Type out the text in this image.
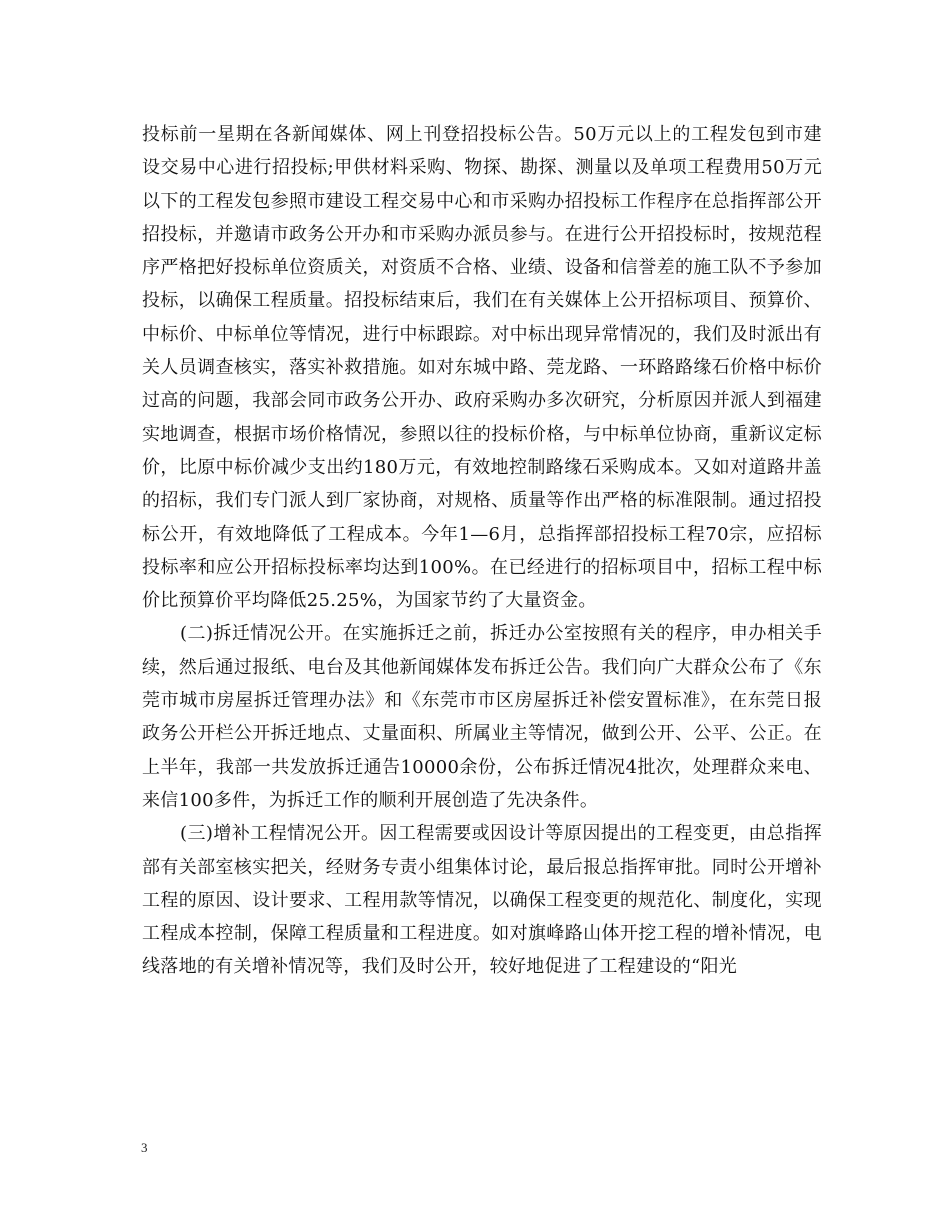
投标前一星期在各新闻媒体、网上刊登招投标公告。50万元以上的工程发包到市建设交易中心进行招投标;甲供材料采购、物探、勘探、测量以及单项工程费用50万元以下的工程发包参照市建设工程交易中心和市采购办招投标工作程序在总指挥部公开招投标，并邀请市政务公开办和市采购办派员参与。在进行公开招投标时，按规范程序严格把好投标单位资质关，对资质不合格、业绩、设备和信誉差的施工队不予参加投标，以确保工程质量。招投标结束后，我们在有关媒体上公开招标项目、预算价、中标价、中标单位等情况，进行中标跟踪。对中标出现异常情况的，我们及时派出有关人员调查核实，落实补救措施。如对东城中路、莞龙路、一环路路缘石价格中标价过高的问题，我部会同市政务公开办、政府采购办多次研究，分析原因并派人到福建实地调查，根据市场价格情况，参照以往的投标价格，与中标单位协商，重新议定标价，比原中标价减少支出约180万元，有效地控制路缘石采购成本。又如对道路井盖的招标，我们专门派人到厂家协商，对规格、质量等作出严格的标准限制。通过招投标公开，有效地降低了工程成本。今年1—6月，总指挥部招投标工程70宗，应招标投标率和应公开招标投标率均达到100%。在已经进行的招标项目中，招标工程中标价比预算价平均降低25.25%，为国家节约了大量资金。

(二)拆迁情况公开。在实施拆迁之前，拆迁办公室按照有关的程序，申办相关手续，然后通过报纸、电台及其他新闻媒体发布拆迁公告。我们向广大群众公布了《东莞市城市房屋拆迁管理办法》和《东莞市市区房屋拆迁补偿安置标准》，在东莞日报政务公开栏公开拆迁地点、丈量面积、所属业主等情况，做到公开、公平、公正。在上半年，我部一共发放拆迁通告10000余份，公布拆迁情况4批次，处理群众来电、来信100多件，为拆迁工作的顺利开展创造了先决条件。

(三)增补工程情况公开。因工程需要或因设计等原因提出的工程变更，由总指挥部有关部室核实把关，经财务专责小组集体讨论，最后报总指挥审批。同时公开增补工程的原因、设计要求、工程用款等情况，以确保工程变更的规范化、制度化，实现工程成本控制，保障工程质量和工程进度。如对旗峰路山体开挖工程的增补情况，电线落地的有关增补情况等，我们及时公开，较好地促进了工程建设的“阳光

3
